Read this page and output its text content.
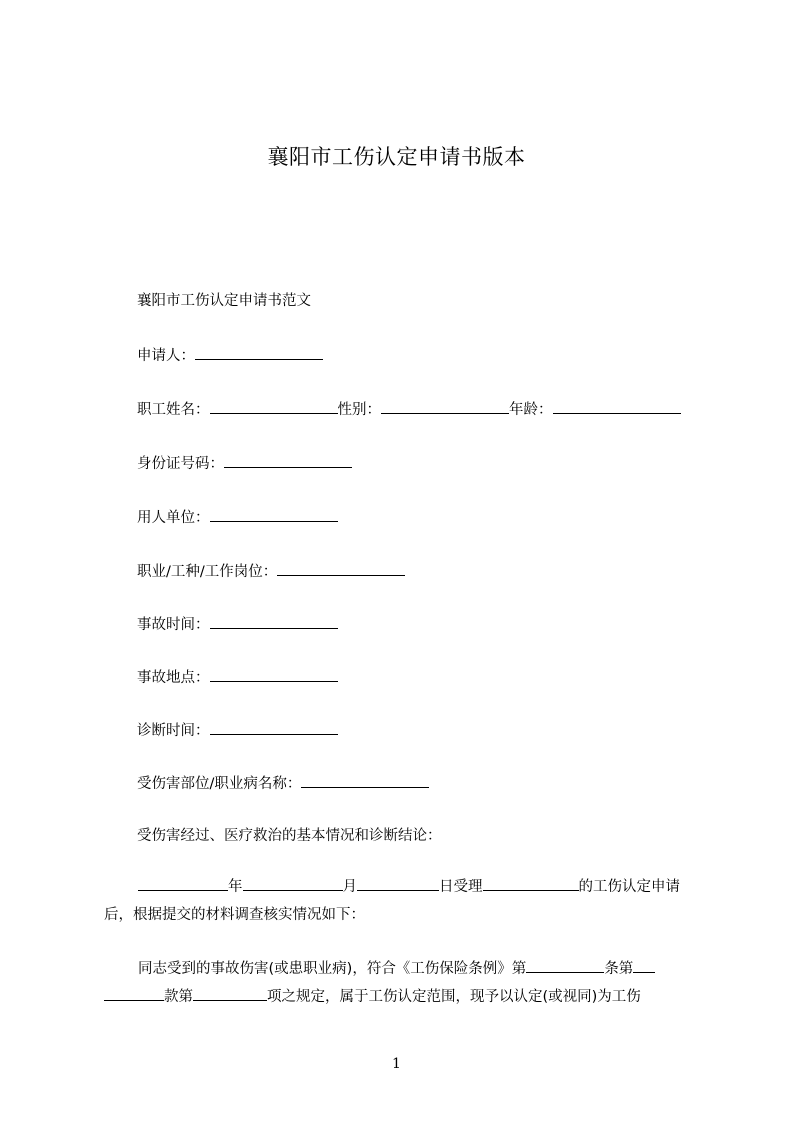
襄阳市工伤认定申请书版本
襄阳市工伤认定申请书范文
申请人：
职工姓名：	性别：	年龄：
身份证号码：
用人单位：
职业/工种/工作岗位：
事故时间：
事故地点：
诊断时间：
受伤害部位/职业病名称：
受伤害经过、医疗救治的基本情况和诊断结论：
年	月	日受理	的工伤认定申请
后，根据提交的材料调查核实情况如下：
同志受到的事故伤害(或患职业病)，符合《工伤保险条例》第	条第
款第	项之规定，属于工伤认定范围，现予以认定(或视同)为工伤
1
